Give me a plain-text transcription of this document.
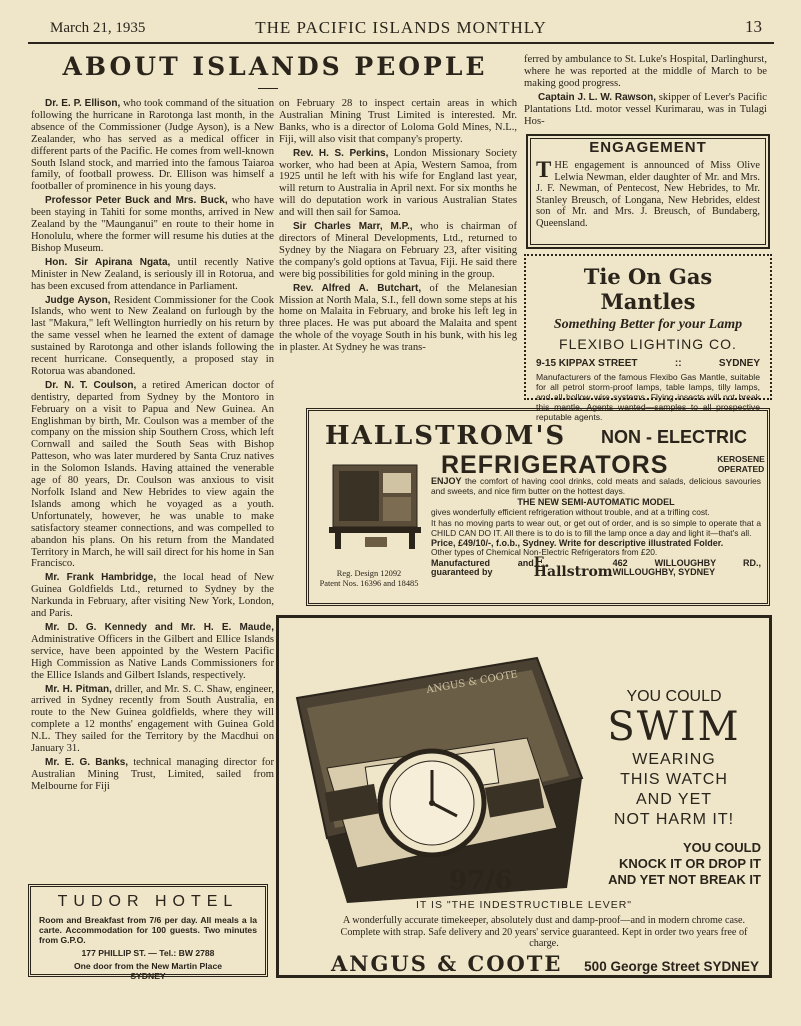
March 21, 1935	THE PACIFIC ISLANDS MONTHLY	13
ABOUT ISLANDS PEOPLE

Dr. E. P. Ellison, who took command of the situation following the hurricane in Rarotonga last month, in the absence of the Commissioner (Judge Ayson), is a New Zealander, who has served as a medical officer in different parts of the Pacific. He comes from well-known South Island stock, and married into the famous Taiaroa family, of football prowess. Dr. Ellison was himself a footballer of prominence in his young days.

Professor Peter Buck and Mrs. Buck, who have been staying in Tahiti for some months, arrived in New Zealand by the "Maunganui" en route to their home in Honolulu, where the former will resume his duties at the Bishop Museum.

Hon. Sir Apirana Ngata, until recently Native Minister in New Zealand, is seriously ill in Rotorua, and has been excused from attendance in Parliament.

Judge Ayson, Resident Commissioner for the Cook Islands, who went to New Zealand on furlough by the last "Makura," left Wellington hurriedly on his return by the same vessel when he learned the extent of damage sustained by Rarotonga and other islands following the recent hurricane. Consequently, a proposed stay in Rotorua was abandoned.

Dr. N. T. Coulson, a retired American doctor of dentistry, departed from Sydney by the Montoro in February on a visit to Papua and New Guinea. An Englishman by birth, Mr. Coulson was a member of the company on the mission ship Southern Cross, which left Cornwall and sailed the South Seas with Bishop Patteson, who was later murdered by Santa Cruz natives in the Solomon Islands. Having attained the venerable age of 80 years, Dr. Coulson was anxious to visit Norfolk Island and New Hebrides to view again the Islands among which he voyaged as a youth. Unfortunately, however, he was unable to make satisfactory steamer connections, and was compelled to abandon his plans. On his return from the Mandated Territory in March, he will sail direct for his home in San Francisco.

Mr. Frank Hambridge, the local head of New Guinea Goldfields Ltd., returned to Sydney by the Narkunda in February, after visiting New York, London, and Paris.

Mr. D. G. Kennedy and Mr. H. E. Maude, Administrative Officers in the Gilbert and Ellice Islands service, have been appointed by the Western Pacific High Commission as Native Lands Commissioners for the Ellice Islands and Gilbert Islands, respectively.

Mr. H. Pitman, driller, and Mr. S. C. Shaw, engineer, arrived in Sydney recently from South Australia, en route to the New Guinea goldfields, where they will complete a 12 months' engagement with Guinea Gold N.L. They sailed for the Territory by the Macdhui on January 31.

Mr. E. G. Banks, technical managing director for Australian Mining Trust, Limited, sailed from Melbourne for Fiji

on February 28 to inspect certain areas in which Australian Mining Trust Limited is interested. Mr. Banks, who is a director of Loloma Gold Mines, N.L., Fiji, will also visit that company's property.

Rev. H. S. Perkins, London Missionary Society worker, who had been at Apia, Western Samoa, from 1925 until he left with his wife for England last year, will return to Australia in April next. For six months he will do deputation work in various Australian States and will then sail for Samoa.

Sir Charles Marr, M.P., who is chairman of directors of Mineral Developments, Ltd., returned to Sydney by the Niagara on February 23, after visiting the company's gold options at Tavua, Fiji. He said there were big possibilities for gold mining in the group.

Rev. Alfred A. Butchart, of the Melanesian Mission at North Mala, S.I., fell down some steps at his home on Malaita in February, and broke his left leg in three places. He was put aboard the Malaita and spent the whole of the voyage South in his bunk, with his leg in plaster. At Sydney he was trans-

ferred by ambulance to St. Luke's Hospital, Darlinghurst, where he was reported at the middle of March to be making good progress.

Captain J. L. W. Rawson, skipper of Lever's Pacific Plantations Ltd. motor vessel Kurimarau, was in Tulagi Hos-

ENGAGEMENT
THE engagement is announced of Miss Olive Lelwia Newman, elder daughter of Mr. and Mrs. J. F. Newman, of Pentecost, New Hebrides, to Mr. Stanley Breusch, of Longana, New Hebrides, eldest son of Mr. and Mrs. J. Breusch, of Bundaberg, Queensland.
Tie On Gas Mantles
Something Better for your Lamp
FLEXIBO LIGHTING CO.
9-15 KIPPAX STREET	::	SYDNEY
Manufacturers of the famous Flexibo Gas Mantle, suitable for all petrol storm-proof lamps, table lamps, tilly lamps, and all hollow wire systems. Flying insects will not break this mantle. Agents wanted—samples to all prospective reputable agents.
HALLSTROM'S NON - ELECTRIC
REFRIGERATORS	KEROSENE OPERATED
Reg. Design 12092
Patent Nos. 16396 and 18485
ENJOY the comfort of having cool drinks, cold meats and salads, delicious savouries and sweets, and nice firm butter on the hottest days.
THE NEW SEMI-AUTOMATIC MODEL
gives wonderfully efficient refrigeration without trouble, and at a trifling cost.
It has no moving parts to wear out, or get out of order, and is so simple to operate that a CHILD CAN DO IT. All there is to do is to fill the lamp once a day and light it—that's all.
Price, £49/10/-, f.o.b., Sydney. Write for descriptive illustrated Folder.
Other types of Chemical Non-Electric Refrigerators from £20.
Manufactured and guaranteed by
E. Hallstrom
462 WILLOUGHBY RD., WILLOUGHBY, SYDNEY
ANGUS & COOTE
YOU COULD
SWIM
WEARING
THIS WATCH
AND YET
NOT HARM IT!
YOU COULD
KNOCK IT OR DROP IT
AND YET NOT BREAK IT
97/6
IT IS "THE INDESTRUCTIBLE LEVER"
A wonderfully accurate timekeeper, absolutely dust and damp-proof—and in modern chrome case. Complete with strap. Safe delivery and 20 years' service guaranteed. Kept in order two years free of charge.
ANGUS & COOTE 500 George Street SYDNEY
TUDOR HOTEL
Room and Breakfast from 7/6 per day. All meals a la carte. Accommodation for 100 guests. Two minutes from G.P.O.
177 PHILLIP ST. — Tel.: BW 2788
One door from the New Martin Place
SYDNEY
